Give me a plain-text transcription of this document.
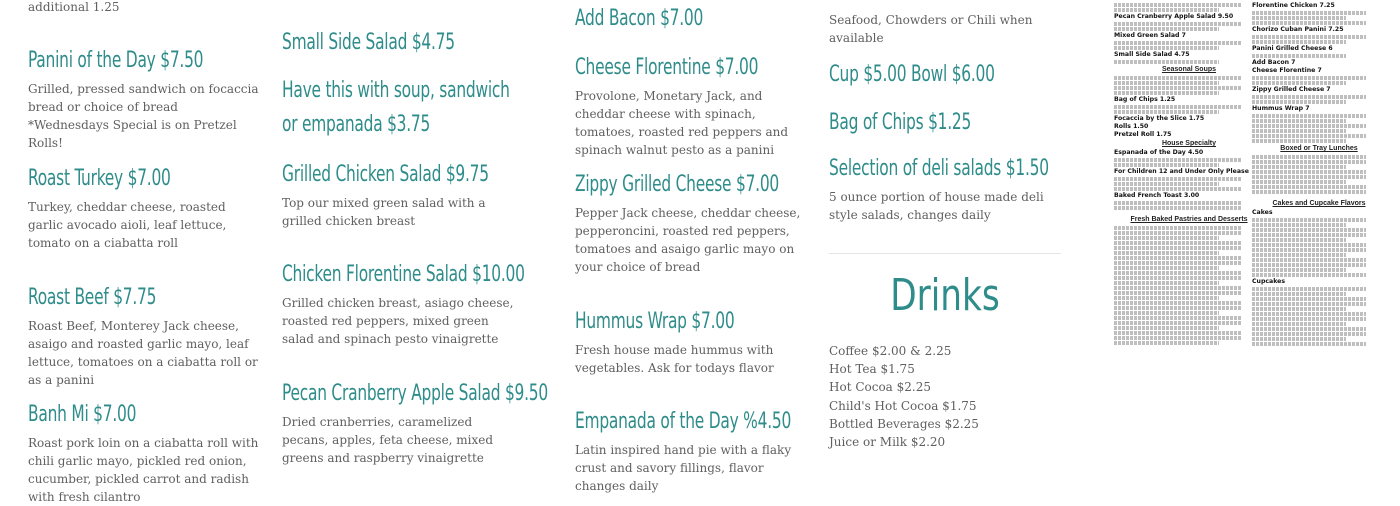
additional 1.25
Panini of the Day $7.50
Grilled, pressed sandwich on focaccia bread or choice of bread *Wednesdays Special is on Pretzel Rolls!
Roast Turkey $7.00
Turkey, cheddar cheese, roasted garlic avocado aioli, leaf lettuce, tomato on a ciabatta roll
Roast Beef $7.75
Roast Beef, Monterey Jack cheese, asaigo and roasted garlic mayo, leaf lettuce, tomatoes on a ciabatta roll or as a panini
Banh Mi $7.00
Roast pork loin on a ciabatta roll with chili garlic mayo, pickled red onion, cucumber, pickled carrot and radish with fresh cilantro
Small Side Salad $4.75
Have this with soup, sandwich or empanada $3.75
Grilled Chicken Salad $9.75
Top our mixed green salad with a grilled chicken breast
Chicken Florentine Salad $10.00
Grilled chicken breast, asiago cheese, roasted red peppers, mixed green salad and spinach pesto vinaigrette
Pecan Cranberry Apple Salad $9.50
Dried cranberries, caramelized pecans, apples, feta cheese, mixed greens and raspberry vinaigrette
Add Bacon $7.00
Cheese Florentine $7.00
Provolone, Monetary Jack, and cheddar cheese with spinach, tomatoes, roasted red peppers and spinach walnut pesto as a panini
Zippy Grilled Cheese $7.00
Pepper Jack cheese, cheddar cheese, pepperoncini, roasted red peppers, tomatoes and asaigo garlic mayo on your choice of bread
Hummus Wrap $7.00
Fresh house made hummus with vegetables. Ask for todays flavor
Empanada of the Day %4.50
Latin inspired hand pie with a flaky crust and savory fillings, flavor changes daily
Seafood, Chowders or Chili when available
Cup $5.00 Bowl $6.00
Bag of Chips $1.25
Selection of deli salads $1.50
5 ounce portion of house made deli style salads, changes daily
Drinks
Coffee $2.00 & 2.25
Hot Tea $1.75
Hot Cocoa $2.25
Child's Hot Cocoa $1.75
Bottled Beverages $2.25
Juice or Milk $2.20
Pecan Cranberry Apple Salad 9.50
Mixed Green Salad 7
Small Side Salad 4.75
Seasonal Soups
Bag of Chips 1.25
Focaccia by the Slice 1.75
Rolls 1.50
Pretzel Roll 1.75
House Specialty
Espanada of the Day 4.50
For Children 12 and Under Only Please
Baked French Toast 3.00
Fresh Baked Pastries and Desserts
Florentine Chicken 7.25
Chorizo Cuban Panini 7.25
Panini Grilled Cheese 6
Add Bacon 7
Cheese Florentine 7
Zippy Grilled Cheese 7
Hummus Wrap 7
Boxed or Tray Lunches
Cakes and Cupcake Flavors
Cakes
Cupcakes
